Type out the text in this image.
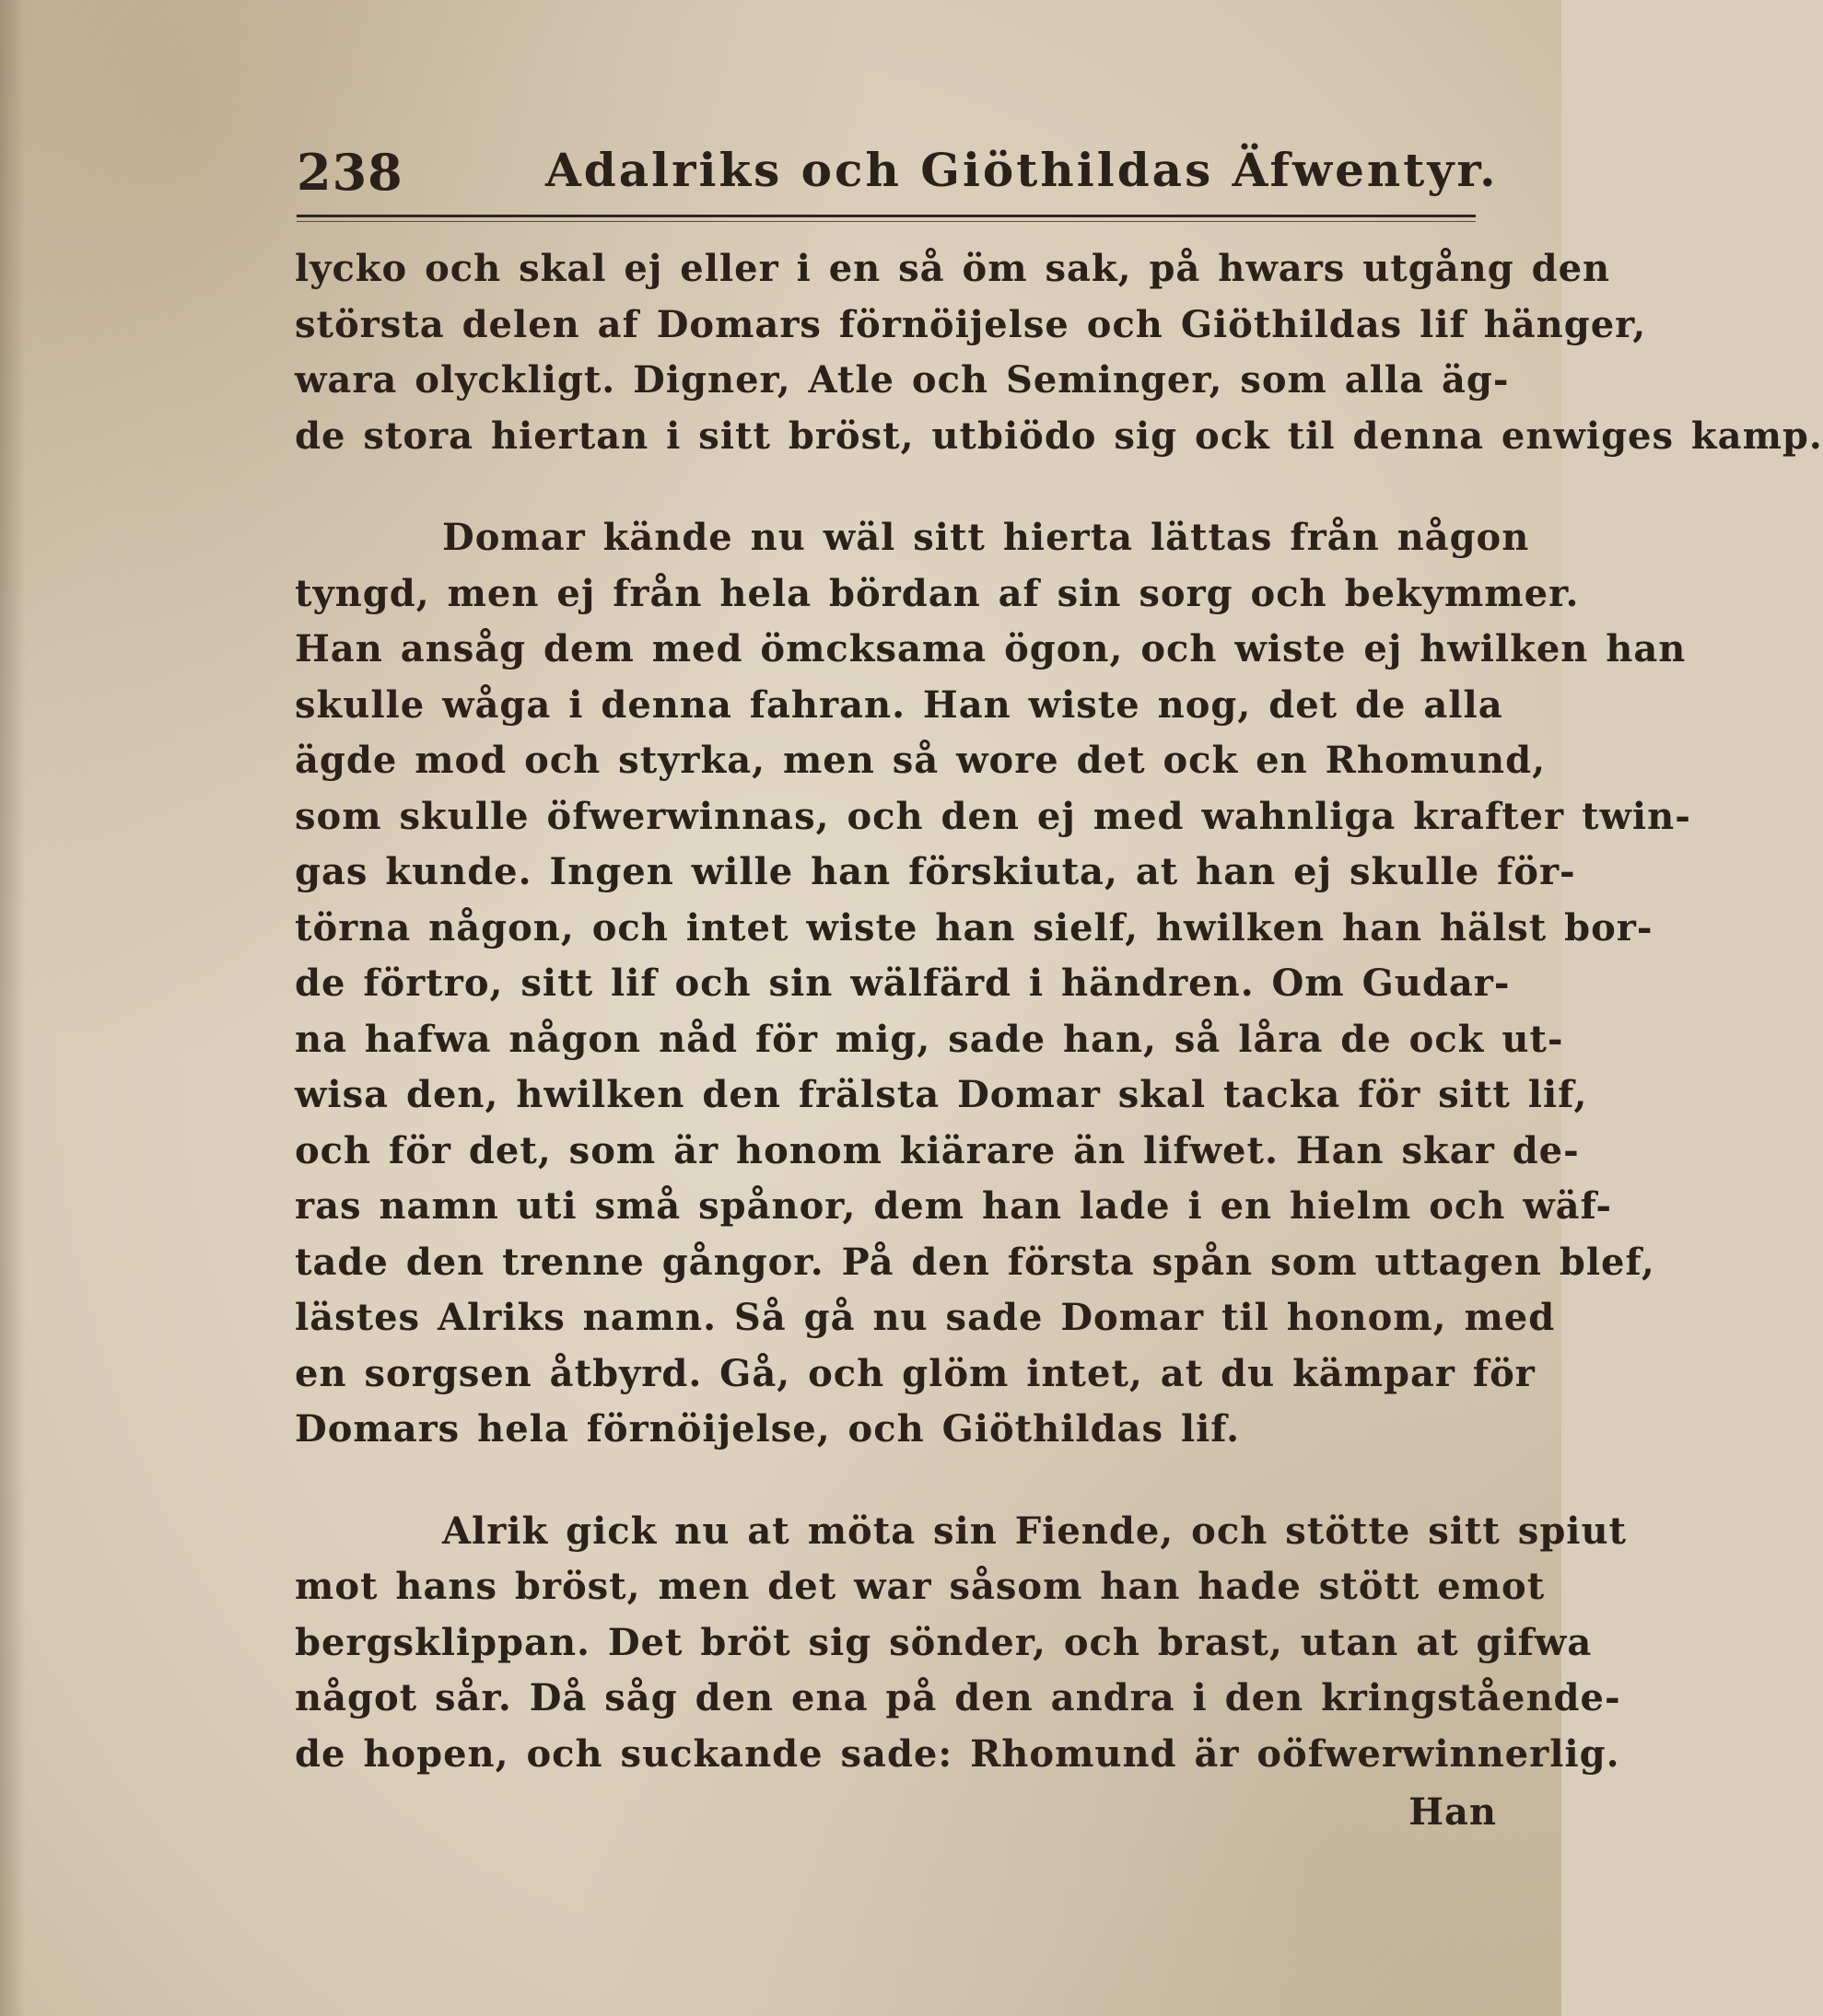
238	Adalriks och Giöthildas Äfwentyr.
lycko och skal ej eller i en så öm sak, på hwars utgång den
största delen af Domars förnöijelse och Giöthildas lif hänger,
wara olyckligt. Digner, Atle och Seminger, som alla äg-
de stora hiertan i sitt bröst, utbiödo sig ock til denna enwiges kamp.
Domar kände nu wäl sitt hierta lättas från någon
tyngd, men ej från hela bördan af sin sorg och bekymmer.
Han ansåg dem med ömcksama ögon, och wiste ej hwilken han
skulle wåga i denna fahran. Han wiste nog, det de alla
ägde mod och styrka, men så wore det ock en Rhomund,
som skulle öfwerwinnas, och den ej med wahnliga krafter twin-
gas kunde. Ingen wille han förskiuta, at han ej skulle för-
törna någon, och intet wiste han sielf, hwilken han hälst bor-
de förtro, sitt lif och sin wälfärd i händren. Om Gudar-
na hafwa någon nåd för mig, sade han, så låra de ock ut-
wisa den, hwilken den frälsta Domar skal tacka för sitt lif,
och för det, som är honom kiärare än lifwet. Han skar de-
ras namn uti små spånor, dem han lade i en hielm och wäf-
tade den trenne gångor. På den första spån som uttagen blef,
lästes Alriks namn. Så gå nu sade Domar til honom, med
en sorgsen åtbyrd. Gå, och glöm intet, at du kämpar för
Domars hela förnöijelse, och Giöthildas lif.
Alrik gick nu at möta sin Fiende, och stötte sitt spiut
mot hans bröst, men det war såsom han hade stött emot
bergsklippan. Det bröt sig sönder, och brast, utan at gifwa
något sår. Då såg den ena på den andra i den kringstående-
de hopen, och suckande sade: Rhomund är oöfwerwinnerlig.
Han
